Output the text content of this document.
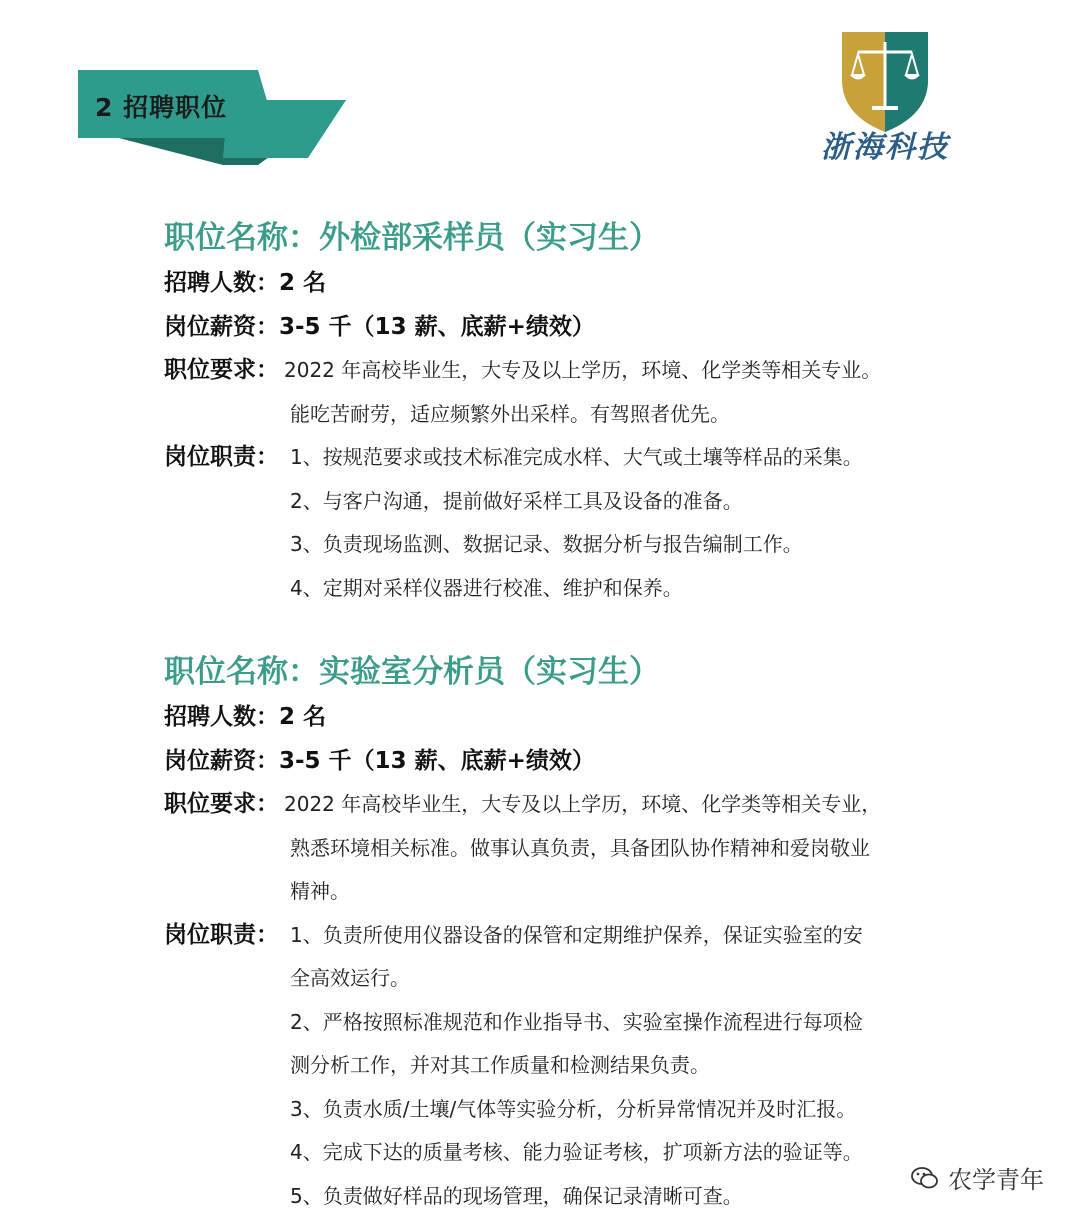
2 招聘职位
浙海科技
职位名称：外检部采样员（实习生）
招聘人数：2 名
岗位薪资：3-5 千（13 薪、底薪+绩效）
职位要求： 2022 年高校毕业生，大专及以上学历，环境、化学类等相关专业。
能吃苦耐劳，适应频繁外出采样。有驾照者优先。
岗位职责： 1、按规范要求或技术标准完成水样、大气或土壤等样品的采集。
2、与客户沟通，提前做好采样工具及设备的准备。
3、负责现场监测、数据记录、数据分析与报告编制工作。
4、定期对采样仪器进行校准、维护和保养。
职位名称：实验室分析员（实习生）
招聘人数：2 名
岗位薪资：3-5 千（13 薪、底薪+绩效）
职位要求： 2022 年高校毕业生，大专及以上学历，环境、化学类等相关专业，
熟悉环境相关标准。做事认真负责，具备团队协作精神和爱岗敬业
精神。
岗位职责： 1、负责所使用仪器设备的保管和定期维护保养，保证实验室的安
全高效运行。
2、严格按照标准规范和作业指导书、实验室操作流程进行每项检
测分析工作，并对其工作质量和检测结果负责。
3、负责水质/土壤/气体等实验分析，分析异常情况并及时汇报。
4、完成下达的质量考核、能力验证考核，扩项新方法的验证等。
5、负责做好样品的现场管理，确保记录清晰可查。
农学青年
